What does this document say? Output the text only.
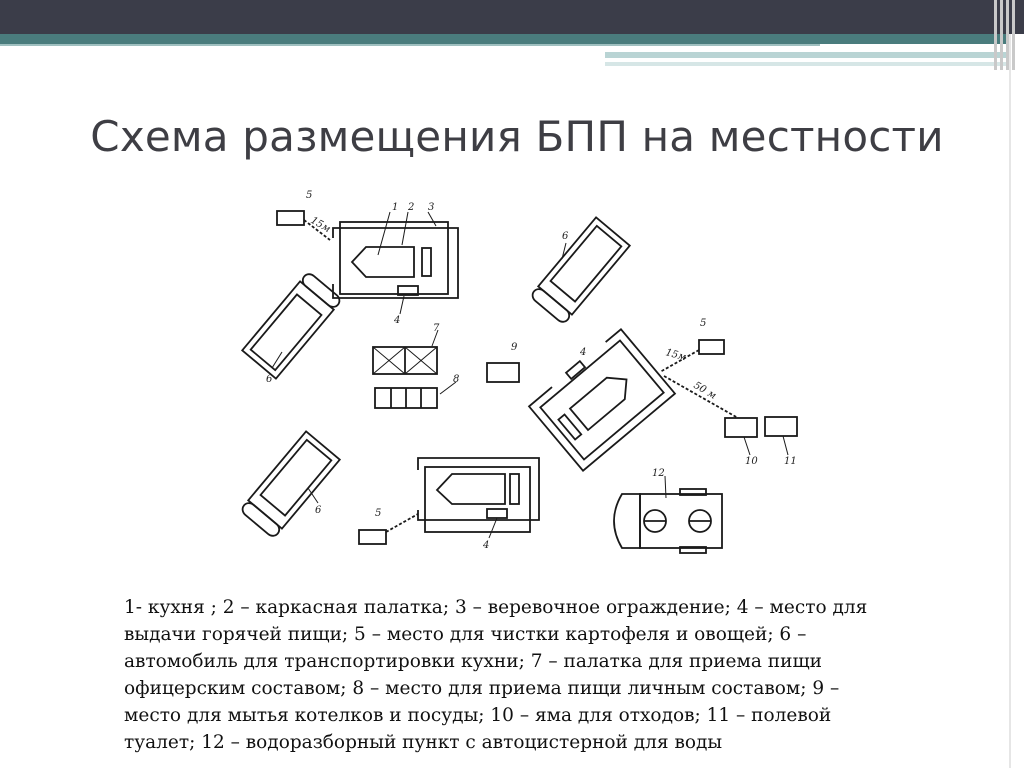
Схема размещения БПП на местности
1 2 3
5
15м
4
6
6
7
8
9	4
5
15м
50 м
10	11
6
12
5
4
1- кухня ; 2 – каркасная палатка; 3 – веревочное ограждение; 4 – место для
выдачи горячей пищи; 5 – место для чистки картофеля и овощей; 6 –
автомобиль для транспортировки кухни; 7 – палатка для приема пищи
офицерским составом; 8 – место для приема пищи личным составом; 9 –
место для мытья котелков и посуды; 10 – яма для отходов; 11 – полевой
туалет; 12 – водоразборный пункт с автоцистерной для воды
